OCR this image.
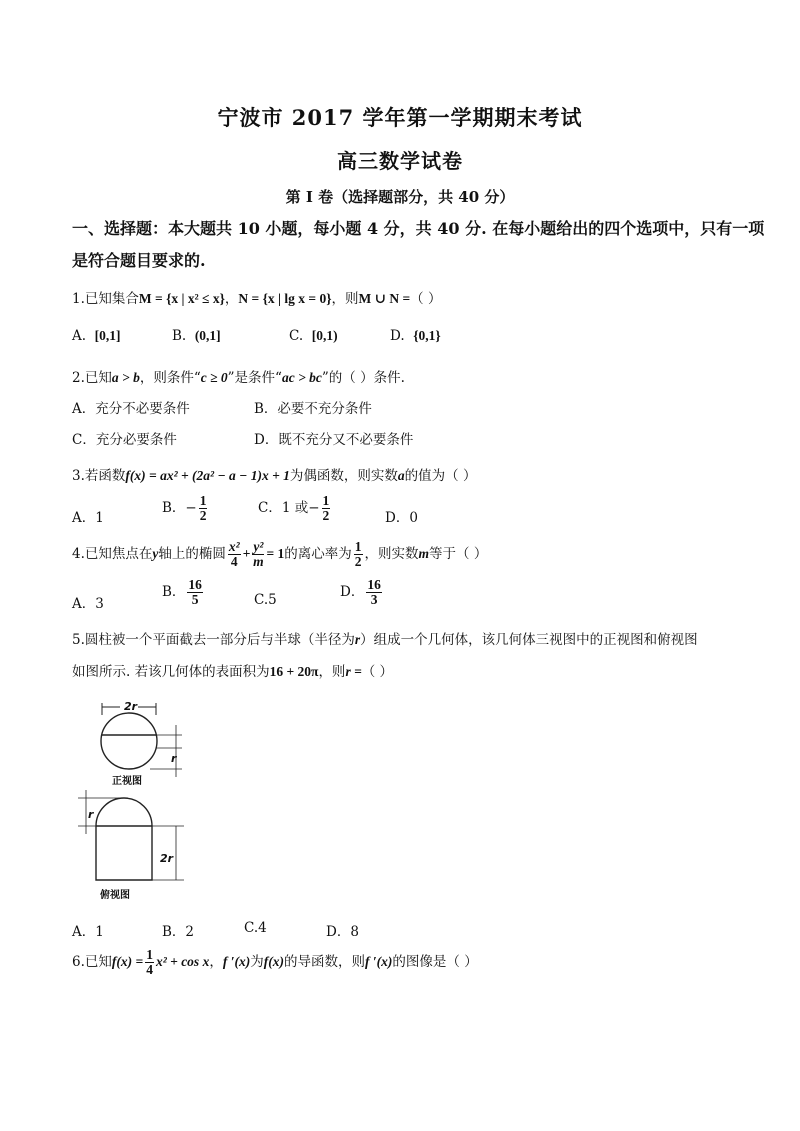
宁波市 2017 学年第一学期期末考试
高三数学试卷
第 I 卷（选择题部分，共 40 分）
一、选择题：本大题共 10 小题，每小题 4 分，共 40 分. 在每小题给出的四个选项中，只有一项
是符合题目要求的.
1.已知集合M = {x | x² ≤ x}，N = {x | lg x = 0}，则M ∪ N =（ ）
A. [0,1]	B. (0,1]	C. [0,1)	D. {0,1}
2.已知a > b，则条件“c ≥ 0”是条件“ac > bc”的（ ）条件.
A．充分不必要条件	B．必要不充分条件
C．充分必要条件	D．既不充分又不必要条件
3.若函数f(x) = ax² + (2a² − a − 1)x + 1为偶函数，则实数a的值为（ ）
A．1
B．− $\frac{1}{2}$	C．1 或− $\frac{1}{2}$	D．0
4.已知焦点在y轴上的椭圆 $\frac{\text{x²}}{4} + \frac{\text{y²}}{m} = 1$的离心率为 $\frac{1}{2}$ ，则实数m等于（ ）
A．3
B． $\frac{16}{5}$	C.5	D． $\frac{16}{3}$
5.圆柱被一个平面截去一部分后与半球（半径为r）组成一个几何体，该几何体三视图中的正视图和俯视图
如图所示. 若该几何体的表面积为16 + 20π，则r =（ ）
2r
r
正视图
r
2r
俯视图
A．1	B．2	C.4	D．8
6.已知$f(x) = \frac{1}{4} x^2 + \cos x$，f ′(x)为f(x)的导函数，则f ′(x)的图像是（ ）
